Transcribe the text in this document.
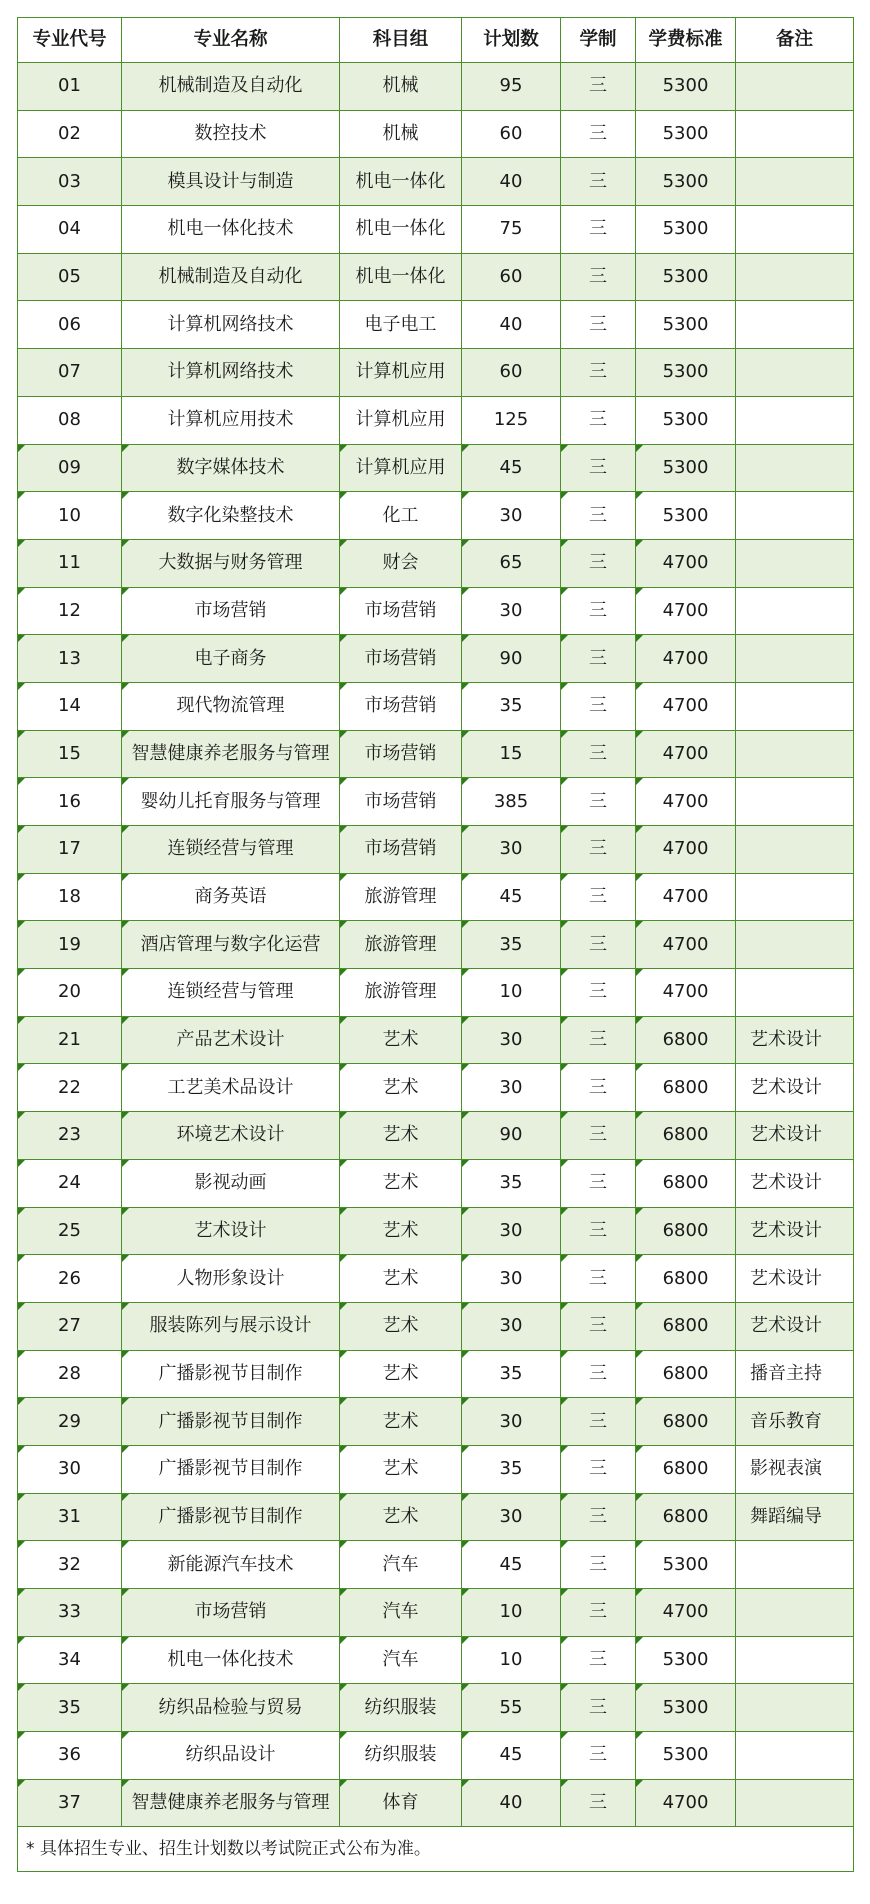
专业代号	专业名称	科目组	计划数	学制	学费标准	备注
01	机械制造及自动化	机械	95	三	5300	
02	数控技术	机械	60	三	5300	
03	模具设计与制造	机电一体化	40	三	5300	
04	机电一体化技术	机电一体化	75	三	5300	
05	机械制造及自动化	机电一体化	60	三	5300	
06	计算机网络技术	电子电工	40	三	5300	
07	计算机网络技术	计算机应用	60	三	5300	
08	计算机应用技术	计算机应用	125	三	5300	
09	数字媒体技术	计算机应用	45	三	5300	
10	数字化染整技术	化工	30	三	5300	
11	大数据与财务管理	财会	65	三	4700	
12	市场营销	市场营销	30	三	4700	
13	电子商务	市场营销	90	三	4700	
14	现代物流管理	市场营销	35	三	4700	
15	智慧健康养老服务与管理	市场营销	15	三	4700	
16	婴幼儿托育服务与管理	市场营销	385	三	4700	
17	连锁经营与管理	市场营销	30	三	4700	
18	商务英语	旅游管理	45	三	4700	
19	酒店管理与数字化运营	旅游管理	35	三	4700	
20	连锁经营与管理	旅游管理	10	三	4700	
21	产品艺术设计	艺术	30	三	6800	艺术设计
22	工艺美术品设计	艺术	30	三	6800	艺术设计
23	环境艺术设计	艺术	90	三	6800	艺术设计
24	影视动画	艺术	35	三	6800	艺术设计
25	艺术设计	艺术	30	三	6800	艺术设计
26	人物形象设计	艺术	30	三	6800	艺术设计
27	服装陈列与展示设计	艺术	30	三	6800	艺术设计
28	广播影视节目制作	艺术	35	三	6800	播音主持
29	广播影视节目制作	艺术	30	三	6800	音乐教育
30	广播影视节目制作	艺术	35	三	6800	影视表演
31	广播影视节目制作	艺术	30	三	6800	舞蹈编导
32	新能源汽车技术	汽车	45	三	5300	
33	市场营销	汽车	10	三	4700	
34	机电一体化技术	汽车	10	三	5300	
35	纺织品检验与贸易	纺织服装	55	三	5300	
36	纺织品设计	纺织服装	45	三	5300	
37	智慧健康养老服务与管理	体育	40	三	4700	
* 具体招生专业、招生计划数以考试院正式公布为准。						
